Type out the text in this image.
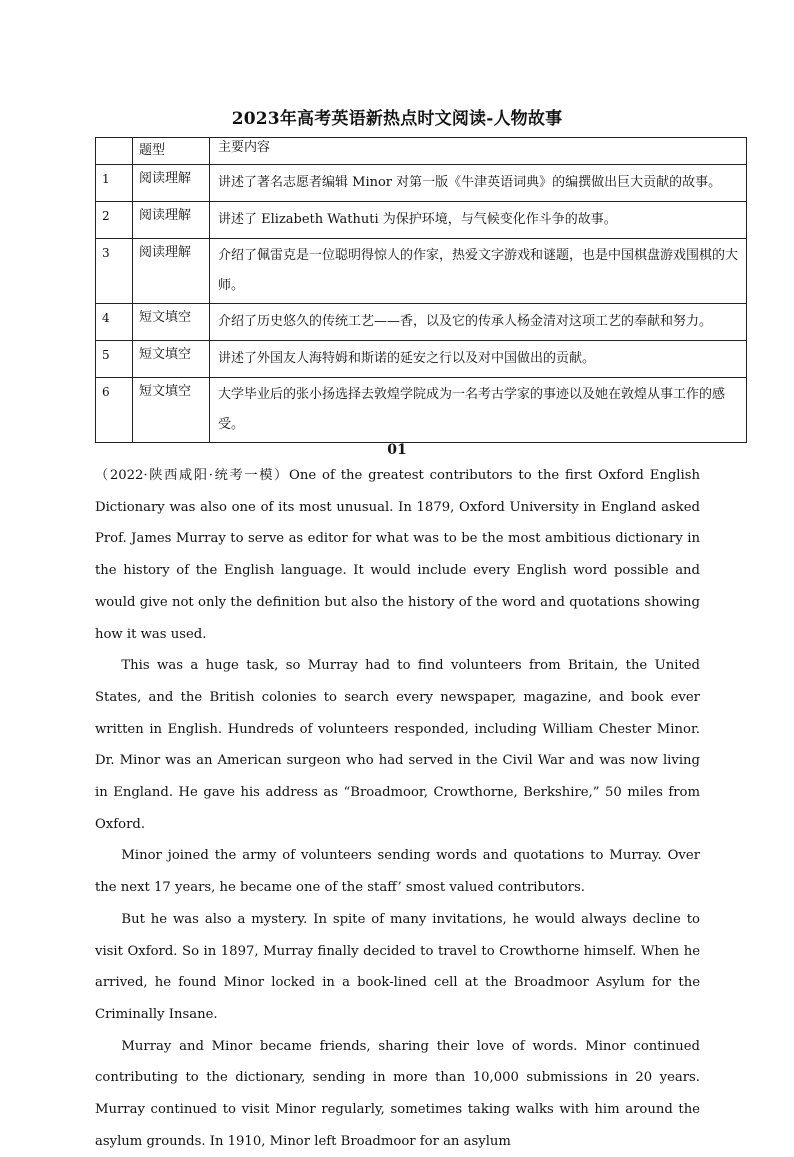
2023年高考英语新热点时文阅读-人物故事
	题型	主要内容
1	阅读理解	讲述了著名志愿者编辑 Minor 对第一版《牛津英语词典》的编撰做出巨大贡献的故事。
2	阅读理解	讲述了 Elizabeth Wathuti 为保护环境，与气候变化作斗争的故事。
3	阅读理解	介绍了佩雷克是一位聪明得惊人的作家，热爱文字游戏和谜题，也是中国棋盘游戏围棋的大师。
4	短文填空	介绍了历史悠久的传统工艺——香，以及它的传承人杨金清对这项工艺的奉献和努力。
5	短文填空	讲述了外国友人海特姆和斯诺的延安之行以及对中国做出的贡献。
6	短文填空	大学毕业后的张小扬选择去敦煌学院成为一名考古学家的事迹以及她在敦煌从事工作的感受。
01

（2022·陕西咸阳·统考一模）One of the greatest contributors to the first Oxford English Dictionary was also one of its most unusual. In 1879, Oxford University in England asked Prof. James Murray to serve as editor for what was to be the most ambitious dictionary in the history of the English language. It would include every English word possible and would give not only the definition but also the history of the word and quotations showing how it was used.

This was a huge task, so Murray had to find volunteers from Britain, the United States, and the British colonies to search every newspaper, magazine, and book ever written in English. Hundreds of volunteers responded, including William Chester Minor. Dr. Minor was an American surgeon who had served in the Civil War and was now living in England. He gave his address as “Broadmoor, Crowthorne, Berkshire,” 50 miles from Oxford.

Minor joined the army of volunteers sending words and quotations to Murray. Over the next 17 years, he became one of the staff’ smost valued contributors.

But he was also a mystery. In spite of many invitations, he would always decline to visit Oxford. So in 1897, Murray finally decided to travel to Crowthorne himself. When he arrived, he found Minor locked in a book-lined cell at the Broadmoor Asylum for the Criminally Insane.

Murray and Minor became friends, sharing their love of words. Minor continued contributing to the dictionary, sending in more than 10,000 submissions in 20 years. Murray continued to visit Minor regularly, sometimes taking walks with him around the asylum grounds. In 1910, Minor left Broadmoor for an asylum
